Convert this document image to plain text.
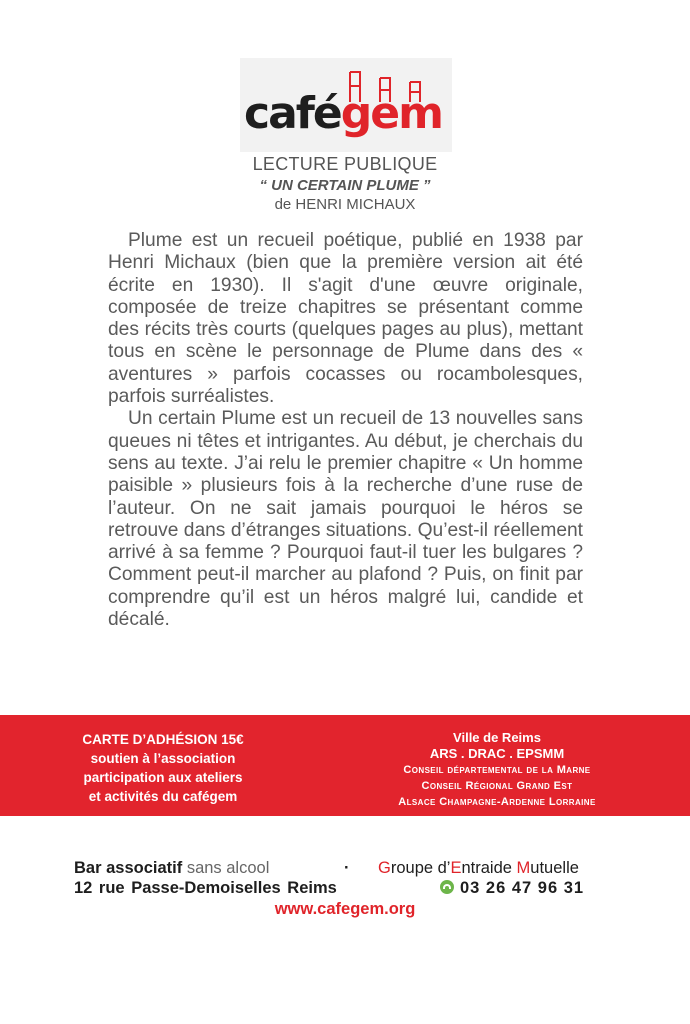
cafégem
LECTURE PUBLIQUE
“ UN CERTAIN PLUME ”
de HENRI MICHAUX

Plume est un recueil poétique, publié en 1938 par Henri Michaux (bien que la première version ait été écrite en 1930). Il s'agit d'une œuvre originale, composée de treize chapitres se présentant comme des récits très courts (quelques pages au plus), mettant tous en scène le personnage de Plume dans des « aventures » parfois cocasses ou rocambolesques, parfois surréalistes.

Un certain Plume est un recueil de 13 nouvelles sans queues ni têtes et intrigantes. Au début, je cherchais du sens au texte. J’ai relu le premier chapitre « Un homme paisible » plusieurs fois à la recherche d’une ruse de l’auteur. On ne sait jamais pourquoi le héros se retrouve dans d’étranges situations. Qu’est-il réellement arrivé à sa femme ? Pourquoi faut-il tuer les bulgares ? Comment peut-il marcher au plafond ? Puis, on finit par comprendre qu’il est un héros malgré lui, candide et décalé.

CARTE D’ADHÉSION 15€
soutien à l’association
participation aux ateliers
et activités du cafégem
Ville de Reims
ARS . DRAC . EPSMM
Conseil départemental de la Marne
Conseil Régional Grand Est
Alsace Champagne-Ardenne Lorraine
Bar associatif sans alcool	· Groupe d’Entraide Mutuelle
12 rue Passe-Demoiselles Reims	03 26 47 96 31
www.cafegem.org
